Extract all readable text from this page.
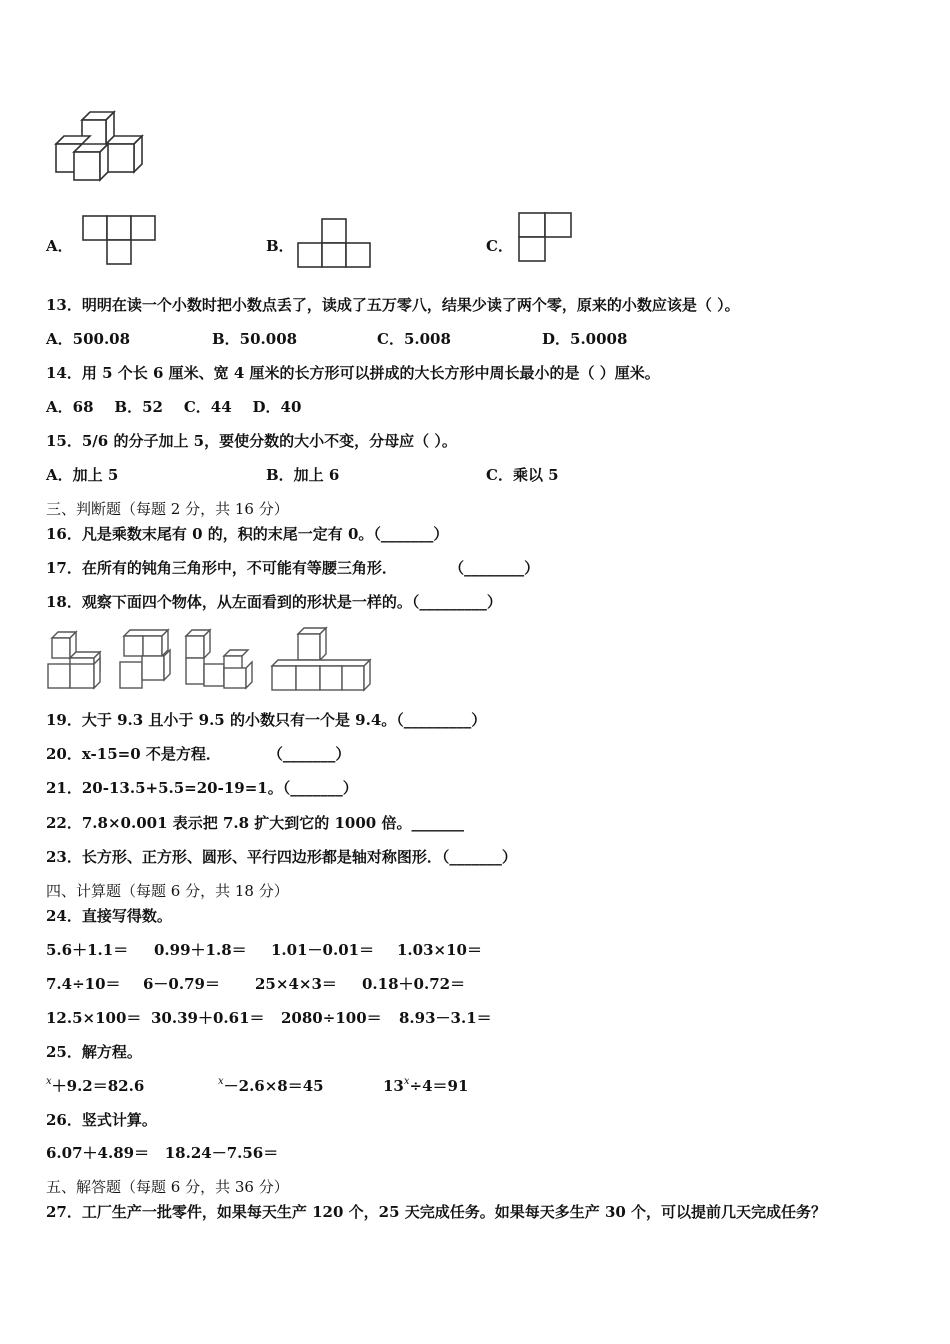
A．	B．	C．
13．明明在读一个小数时把小数点丢了，读成了五万零八，结果少读了两个零，原来的小数应该是（ ）。
A．500.08	B．50.008	C．5.008	D．5.0008
14．用 5 个长 6 厘米、宽 4 厘米的长方形可以拼成的大长方形中周长最小的是（ ）厘米。
A．68    B．52    C．44    D．40
15．5/6 的分子加上 5，要使分数的大小不变，分母应（ ）。
A．加上 5	B．加上 6	C．乘以 5
三、判断题（每题 2 分，共 16 分）
16．凡是乘数末尾有 0 的，积的末尾一定有 0。（_______）
17．在所有的钝角三角形中，不可能有等腰三角形．          （________）
18．观察下面四个物体，从左面看到的形状是一样的。（_________）
19．大于 9.3 且小于 9.5 的小数只有一个是 9.4。（_________）
20．x-15=0 不是方程．         （_______）
21．20-13.5+5.5=20-19=1。（_______）
22．7.8×0.001 表示把 7.8 扩大到它的 1000 倍。_______
23．长方形、正方形、圆形、平行四边形都是轴对称图形．（_______）
四、计算题（每题 6 分，共 18 分）
24．直接写得数。
5.6＋1.1＝ 0.99＋1.8＝ 1.01－0.01＝ 1.03×10＝
7.4÷10＝ 6－0.79＝ 25×4×3＝ 0.18＋0.72＝
12.5×100＝ 30.39＋0.61＝ 2080÷100＝ 8.93－3.1＝
25．解方程。
$^x$＋9.2＝82.6	$^x$－2.6×8＝45	$13^x\div 4=91$
26．竖式计算。
6.07＋4.89＝   18.24－7.56＝
五、解答题（每题 6 分，共 36 分）
27．工厂生产一批零件，如果每天生产 120 个，25 天完成任务。如果每天多生产 30 个，可以提前几天完成任务？
